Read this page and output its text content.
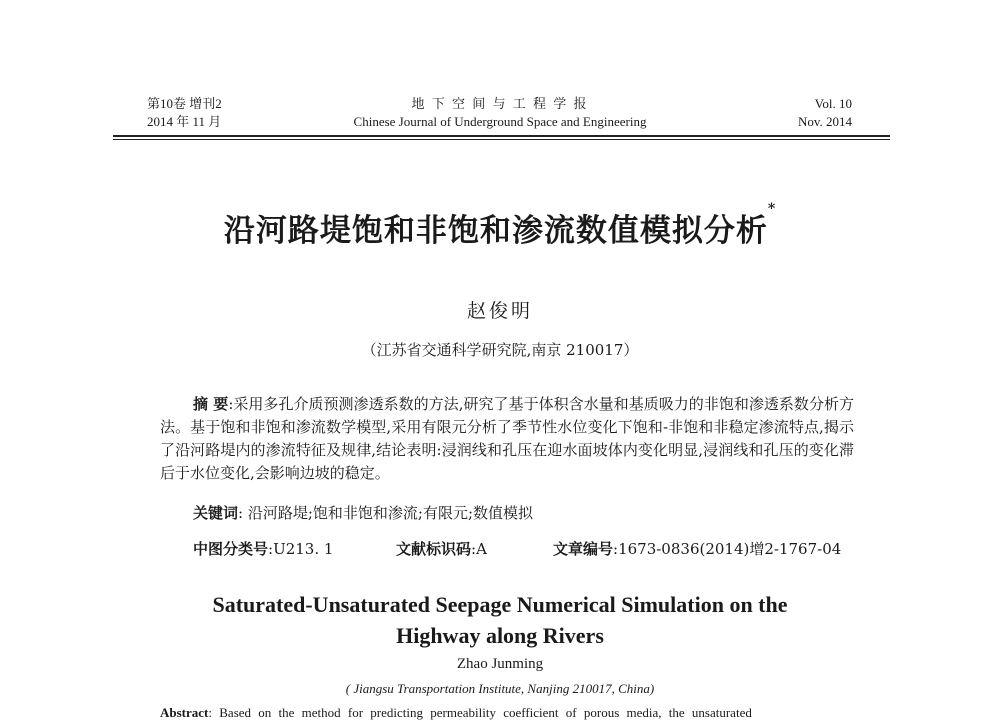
第10卷 增刊2
2014 年 11 月
地 下 空 间 与 工 程 学 报
Chinese Journal of Underground Space and Engineering
Vol. 10
Nov. 2014
沿河路堤饱和非饱和渗流数值模拟分析*
赵俊明
（江苏省交通科学研究院,南京 210017）
摘 要:采用多孔介质预测渗透系数的方法,研究了基于体积含水量和基质吸力的非饱和渗透系数分析方法。基于饱和非饱和渗流数学模型,采用有限元分析了季节性水位变化下饱和-非饱和非稳定渗流特点,揭示了沿河路堤内的渗流特征及规律,结论表明:浸润线和孔压在迎水面坡体内变化明显,浸润线和孔压的变化滞后于水位变化,会影响边坡的稳定。
关键词: 沿河路堤;饱和非饱和渗流;有限元;数值模拟
中图分类号:U213. 1	文献标识码:A	文章编号:1673-0836(2014)增2-1767-04
Saturated-Unsaturated Seepage Numerical Simulation on the
Highway along Rivers
Zhao Junming
( Jiangsu Transportation Institute, Nanjing 210017, China)
Abstract: Based on the method for predicting permeability coefficient of porous media, the unsaturated
